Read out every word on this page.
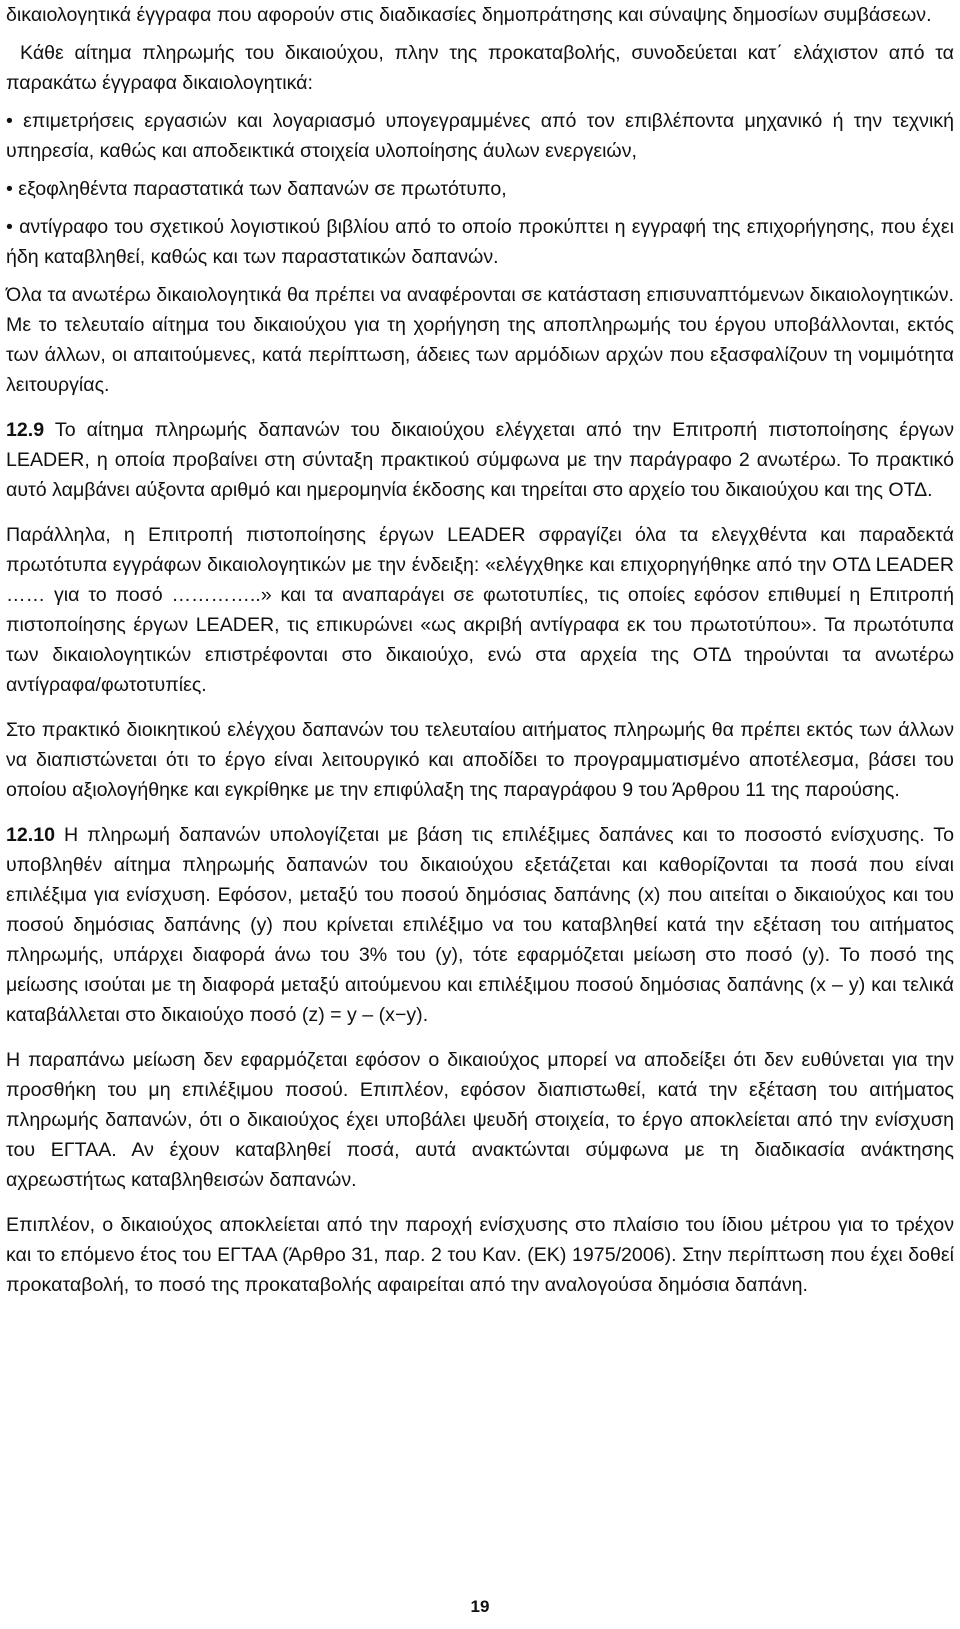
δικαιολογητικά έγγραφα που αφορούν στις διαδικασίες δημοπράτησης και σύναψης δημοσίων συμβάσεων.

Κάθε αίτημα πληρωμής του δικαιούχου, πλην της προκαταβολής, συνοδεύεται κατ΄ ελάχιστον από τα παρακάτω έγγραφα δικαιολογητικά:

• επιμετρήσεις εργασιών και λογαριασμό υπογεγραμμένες από τον επιβλέποντα μηχανικό ή την τεχνική υπηρεσία, καθώς και αποδεικτικά στοιχεία υλοποίησης άυλων ενεργειών,

• εξοφληθέντα παραστατικά των δαπανών σε πρωτότυπο,

• αντίγραφο του σχετικού λογιστικού βιβλίου από το οποίο προκύπτει η εγγραφή της επιχορήγησης, που έχει ήδη καταβληθεί, καθώς και των παραστατικών δαπανών.

Όλα τα ανωτέρω δικαιολογητικά θα πρέπει να αναφέρονται σε κατάσταση επισυναπτόμενων δικαιολογητικών. Με το τελευταίο αίτημα του δικαιούχου για τη χορήγηση της αποπληρωμής του έργου υποβάλλονται, εκτός των άλλων, οι απαιτούμενες, κατά περίπτωση, άδειες των αρμόδιων αρχών που εξασφαλίζουν τη νομιμότητα λειτουργίας.

12.9 Το αίτημα πληρωμής δαπανών του δικαιούχου ελέγχεται από την Επιτροπή πιστοποίησης έργων LEADER, η οποία προβαίνει στη σύνταξη πρακτικού σύμφωνα με την παράγραφο 2 ανωτέρω. Το πρακτικό αυτό λαμβάνει αύξοντα αριθμό και ημερομηνία έκδοσης και τηρείται στο αρχείο του δικαιούχου και της ΟΤΔ.

Παράλληλα, η Επιτροπή πιστοποίησης έργων LEADER σφραγίζει όλα τα ελεγχθέντα και παραδεκτά πρωτότυπα εγγράφων δικαιολογητικών με την ένδειξη: «ελέγχθηκε και επιχορηγήθηκε από την ΟΤΔ LEADER …… για το ποσό …………..» και τα αναπαράγει σε φωτοτυπίες, τις οποίες εφόσον επιθυμεί η Επιτροπή πιστοποίησης έργων LEADER, τις επικυρώνει «ως ακριβή αντίγραφα εκ του πρωτοτύπου». Τα πρωτότυπα των δικαιολογητικών επιστρέφονται στο δικαιούχο, ενώ στα αρχεία της ΟΤΔ τηρούνται τα ανωτέρω αντίγραφα/φωτοτυπίες.

Στο πρακτικό διοικητικού ελέγχου δαπανών του τελευταίου αιτήματος πληρωμής θα πρέπει εκτός των άλλων να διαπιστώνεται ότι το έργο είναι λειτουργικό και αποδίδει το προγραμματισμένο αποτέλεσμα, βάσει του οποίου αξιολογήθηκε και εγκρίθηκε με την επιφύλαξη της παραγράφου 9 του Άρθρου 11 της παρούσης.

12.10 Η πληρωμή δαπανών υπολογίζεται με βάση τις επιλέξιμες δαπάνες και το ποσοστό ενίσχυσης. Το υποβληθέν αίτημα πληρωμής δαπανών του δικαιούχου εξετάζεται και καθορίζονται τα ποσά που είναι επιλέξιμα για ενίσχυση. Εφόσον, μεταξύ του ποσού δημόσιας δαπάνης (x) που αιτείται ο δικαιούχος και του ποσού δημόσιας δαπάνης (y) που κρίνεται επιλέξιμο να του καταβληθεί κατά την εξέταση του αιτήματος πληρωμής, υπάρχει διαφορά άνω του 3% του (y), τότε εφαρμόζεται μείωση στο ποσό (y). Το ποσό της μείωσης ισούται με τη διαφορά μεταξύ αιτούμενου και επιλέξιμου ποσού δημόσιας δαπάνης (x – y) και τελικά καταβάλλεται στο δικαιούχο ποσό (z) = y – (x−y).

Η παραπάνω μείωση δεν εφαρμόζεται εφόσον ο δικαιούχος μπορεί να αποδείξει ότι δεν ευθύνεται για την προσθήκη του μη επιλέξιμου ποσού. Επιπλέον, εφόσον διαπιστωθεί, κατά την εξέταση του αιτήματος πληρωμής δαπανών, ότι ο δικαιούχος έχει υποβάλει ψευδή στοιχεία, το έργο αποκλείεται από την ενίσχυση του ΕΓΤΑΑ. Αν έχουν καταβληθεί ποσά, αυτά ανακτώνται σύμφωνα με τη διαδικασία ανάκτησης αχρεωστήτως καταβληθεισών δαπανών.

Επιπλέον, ο δικαιούχος αποκλείεται από την παροχή ενίσχυσης στο πλαίσιο του ίδιου μέτρου για το τρέχον και το επόμενο έτος του ΕΓΤΑΑ (Άρθρο 31, παρ. 2 του Καν. (ΕΚ) 1975/2006). Στην περίπτωση που έχει δοθεί προκαταβολή, το ποσό της προκαταβολής αφαιρείται από την αναλογούσα δημόσια δαπάνη.

19
